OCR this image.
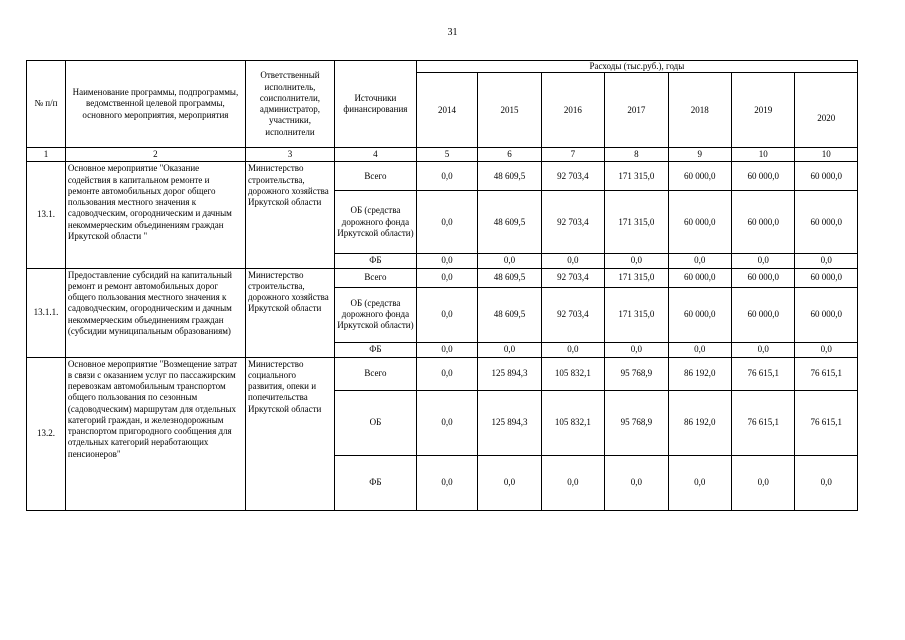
31
№ п/п	Наименование программы, подпрограммы, ведомственной целевой программы, основного мероприятия, мероприятия	Ответственный исполнитель, соисполнители, администратор, участники, исполнители	Источники финансирования	Расходы (тыс.руб.), годы						
				2014	2015	2016	2017	2018	2019	2020
1	2	3	4	5	6	7	8	9	10	10
13.1.	Основное мероприятие "Оказание содействия в капитальном ремонте и ремонте автомобильных дорог общего пользования местного значения к садоводческим, огородническим и дачным некоммерческим объединениям граждан Иркутской области "	Министерство строительства, дорожного хозяйства Иркутской области	Всего	0,0	48 609,5	92 703,4	171 315,0	60 000,0	60 000,0	60 000,0
			ОБ (средства дорожного фонда Иркутской области)	0,0	48 609,5	92 703,4	171 315,0	60 000,0	60 000,0	60 000,0
			ФБ	0,0	0,0	0,0	0,0	0,0	0,0	0,0
13.1.1.	Предоставление субсидий на капитальный ремонт и ремонт автомобильных дорог общего пользования местного значения к садоводческим, огородническим и дачным некоммерческим объединениям граждан (субсидии муниципальным образованиям)	Министерство строительства, дорожного хозяйства Иркутской области	Всего	0,0	48 609,5	92 703,4	171 315,0	60 000,0	60 000,0	60 000,0
			ОБ (средства дорожного фонда Иркутской области)	0,0	48 609,5	92 703,4	171 315,0	60 000,0	60 000,0	60 000,0
			ФБ	0,0	0,0	0,0	0,0	0,0	0,0	0,0
13.2.	Основное мероприятие "Возмещение затрат в связи с оказанием услуг по пассажирским перевозкам автомобильным транспортом общего пользования по сезонным (садоводческим) маршрутам для отдельных категорий граждан, и железнодорожным транспортом пригородного сообщения для отдельных категорий неработающих пенсионеров"	Министерство социального развития, опеки и попечительства Иркутской области	Всего	0,0	125 894,3	105 832,1	95 768,9	86 192,0	76 615,1	76 615,1
			ОБ	0,0	125 894,3	105 832,1	95 768,9	86 192,0	76 615,1	76 615,1
			ФБ	0,0	0,0	0,0	0,0	0,0	0,0	0,0
